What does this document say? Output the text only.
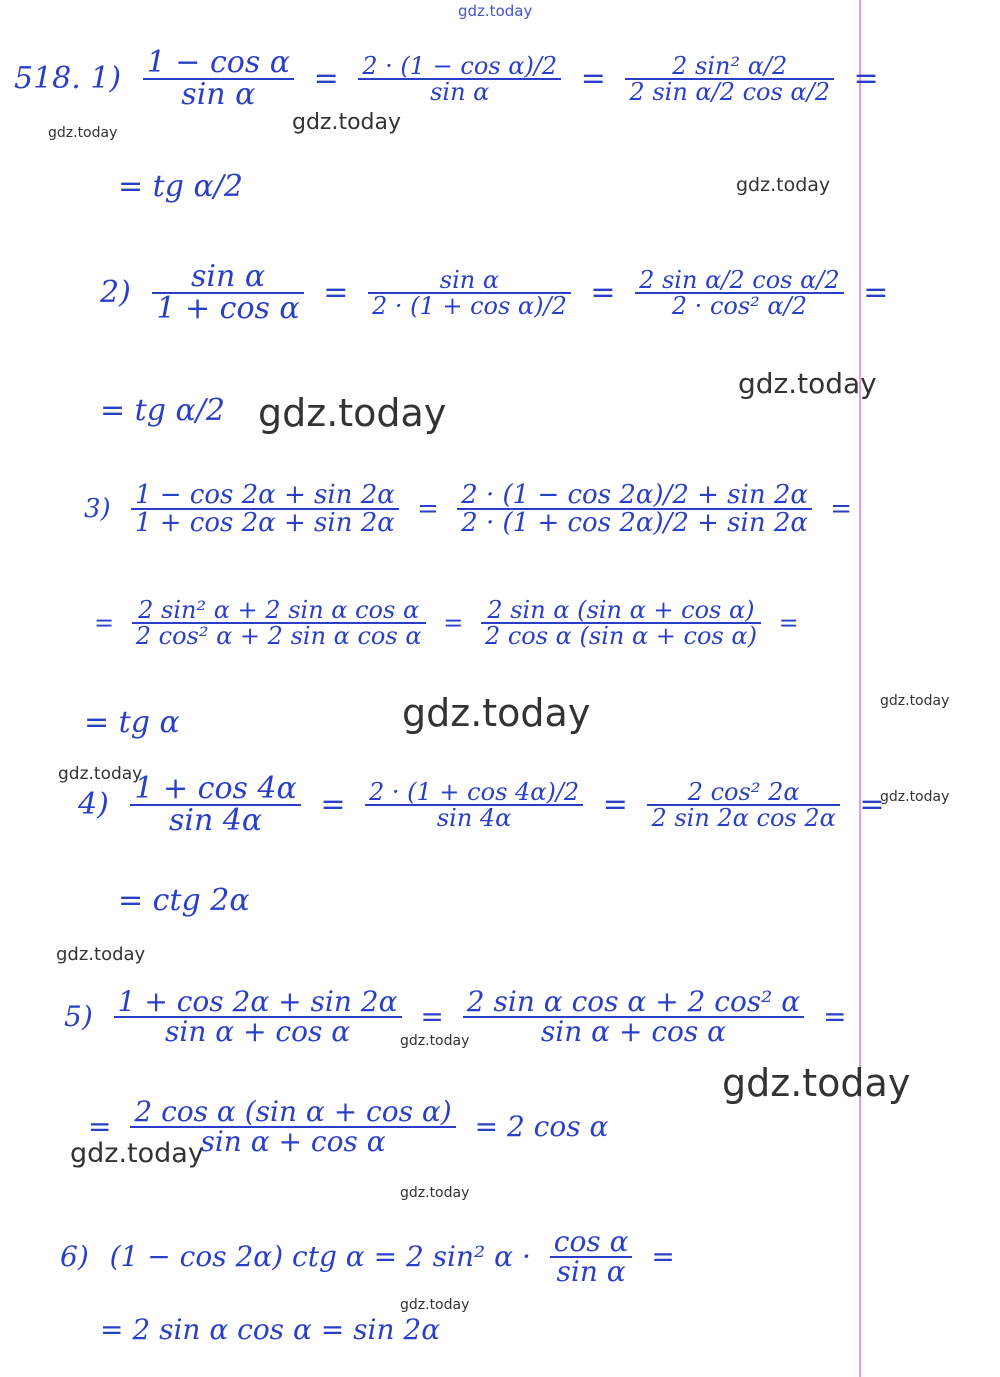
gdz.today
gdz.today	gdz.today
gdz.today
gdz.today
gdz.today
gdz.today	gdz.today
gdz.today
gdz.today
gdz.today
gdz.today
gdz.today
gdz.today
gdz.today
gdz.today
518. $1) \frac{\text{1 − cos α}}{\text{sin α}} = \frac{\text{2 · (1 − cos α)/2}}{\text{sin α}} = \frac{\text{2 sin² α/2}}{\text{2 sin α/2 cos α/2}}$ =
= tg α/2
$2) \frac{\text{sin α}}{\text{1 + cos α}} = \frac{\text{sin α}}{\text{2 · (1 + cos α)/2}} = \frac{\text{2 sin α/2 cos α/2}}{\text{2 · cos² α/2}}$ =
= tg α/2
$3) \frac{1 - \cos 2\alpha + \sin 2\alpha}{1 + \cos 2\alpha + \sin 2\alpha} = \frac{2 \cdot (1 - \cos 2\alpha)/2 + \sin 2\alpha}{2 \cdot (1 + \cos 2\alpha)/2 + \sin 2\alpha}$ =
= $\frac{\text{2 sin² α + 2 sin α cos α}}{\text{2 cos² α + 2 sin α cos α}} = \frac{\text{2 sin α (sin α + cos α)}}{\text{2 cos α (sin α + cos α)}}$ =
= tg α
$4) \frac{1 + \cos 4\alpha}{\sin 4\alpha} = \frac{2 \cdot (1 + \cos 4\alpha)/2}{\sin 4\alpha} = \frac{\text{2 cos² 2α}}{\text{2 sin 2α cos 2α}}$ =
= ctg 2α
$5) \frac{1 + \cos 2\alpha + \sin 2\alpha}{\text{sin α + cos α}} = \frac{\text{2 sin α cos α + 2 cos² α}}{\text{sin α + cos α}}$ =
= $\frac{\text{2 cos α (sin α + cos α)}}{\text{sin α + cos α}} = 2$ cos α
6) (1 − cos 2α) ctg α = 2 sin² $\alpha \cdot \frac{\text{cos α}}{\text{sin α}}$ =
= 2 sin α cos α = sin 2α
